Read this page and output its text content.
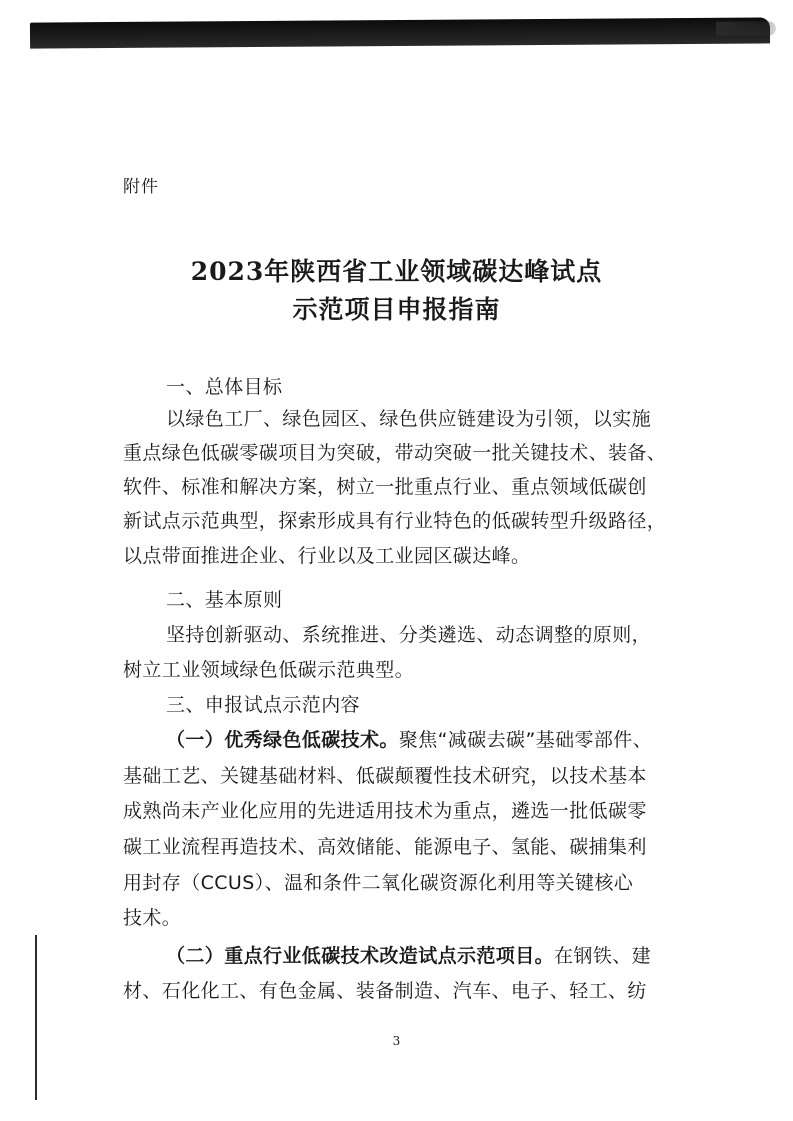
附件
2023年陕西省工业领域碳达峰试点
示范项目申报指南
一、总体目标
以绿色工厂、绿色园区、绿色供应链建设为引领，以实施
重点绿色低碳零碳项目为突破，带动突破一批关键技术、装备、
软件、标准和解决方案，树立一批重点行业、重点领域低碳创
新试点示范典型，探索形成具有行业特色的低碳转型升级路径，
以点带面推进企业、行业以及工业园区碳达峰。
二、基本原则
坚持创新驱动、系统推进、分类遴选、动态调整的原则，
树立工业领域绿色低碳示范典型。
三、申报试点示范内容
（一）优秀绿色低碳技术。聚焦“减碳去碳”基础零部件、
基础工艺、关键基础材料、低碳颠覆性技术研究，以技术基本
成熟尚未产业化应用的先进适用技术为重点，遴选一批低碳零
碳工业流程再造技术、高效储能、能源电子、氢能、碳捕集利
用封存（CCUS）、温和条件二氧化碳资源化利用等关键核心
技术。
（二）重点行业低碳技术改造试点示范项目。在钢铁、建
材、石化化工、有色金属、装备制造、汽车、电子、轻工、纺
3
